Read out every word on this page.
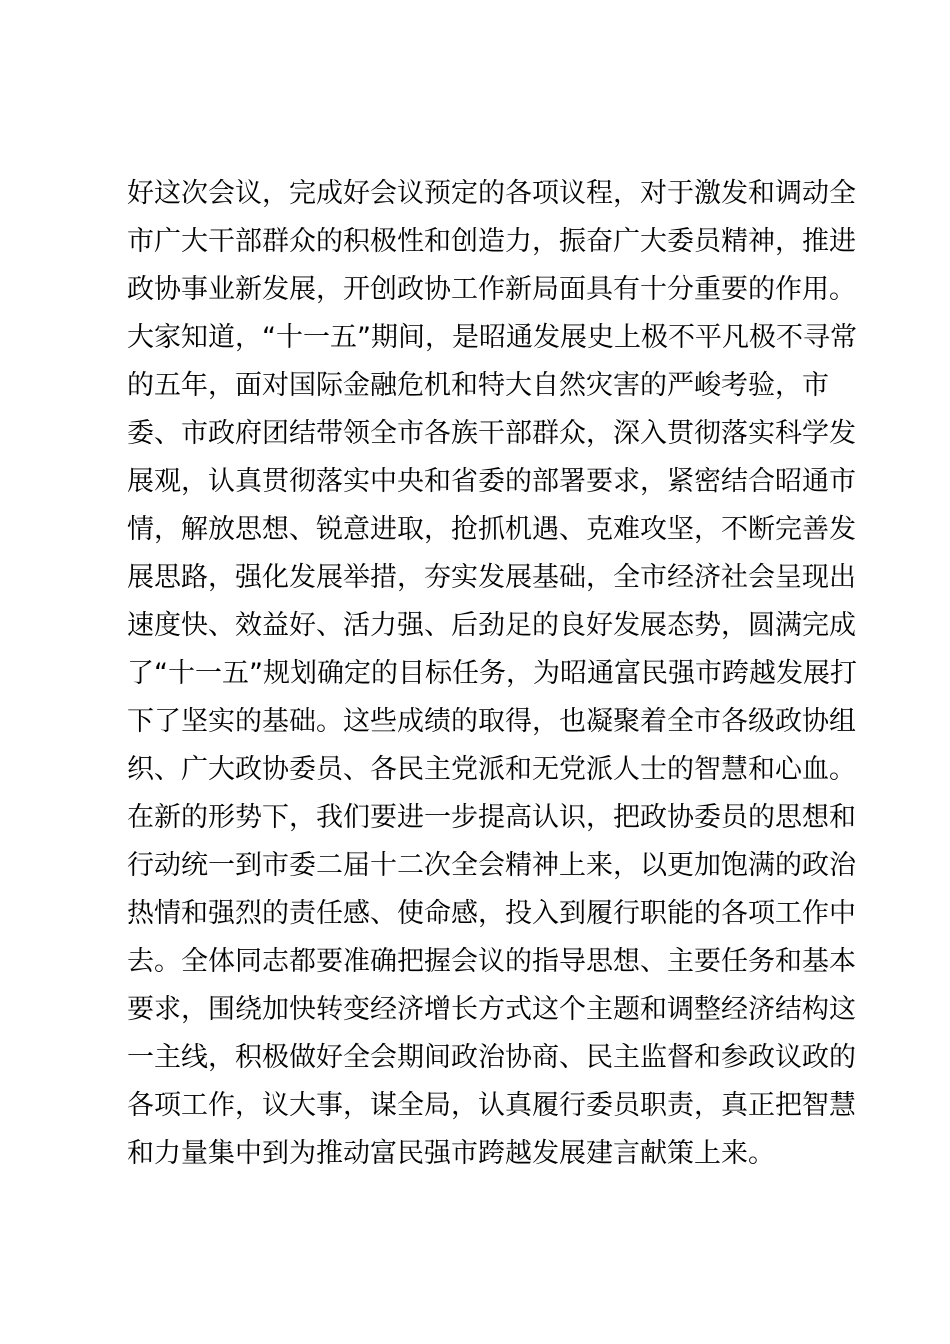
好这次会议，完成好会议预定的各项议程，对于激发和调动全
市广大干部群众的积极性和创造力，振奋广大委员精神，推进
政协事业新发展，开创政协工作新局面具有十分重要的作用。
大家知道，“十一五”期间，是昭通发展史上极不平凡极不寻常
的五年，面对国际金融危机和特大自然灾害的严峻考验，市
委、市政府团结带领全市各族干部群众，深入贯彻落实科学发
展观，认真贯彻落实中央和省委的部署要求，紧密结合昭通市
情，解放思想、锐意进取，抢抓机遇、克难攻坚，不断完善发
展思路，强化发展举措，夯实发展基础，全市经济社会呈现出
速度快、效益好、活力强、后劲足的良好发展态势，圆满完成
了“十一五”规划确定的目标任务，为昭通富民强市跨越发展打
下了坚实的基础。这些成绩的取得，也凝聚着全市各级政协组
织、广大政协委员、各民主党派和无党派人士的智慧和心血。
在新的形势下，我们要进一步提高认识，把政协委员的思想和
行动统一到市委二届十二次全会精神上来，以更加饱满的政治
热情和强烈的责任感、使命感，投入到履行职能的各项工作中
去。全体同志都要准确把握会议的指导思想、主要任务和基本
要求，围绕加快转变经济增长方式这个主题和调整经济结构这
一主线，积极做好全会期间政治协商、民主监督和参政议政的
各项工作，议大事，谋全局，认真履行委员职责，真正把智慧
和力量集中到为推动富民强市跨越发展建言献策上来。
